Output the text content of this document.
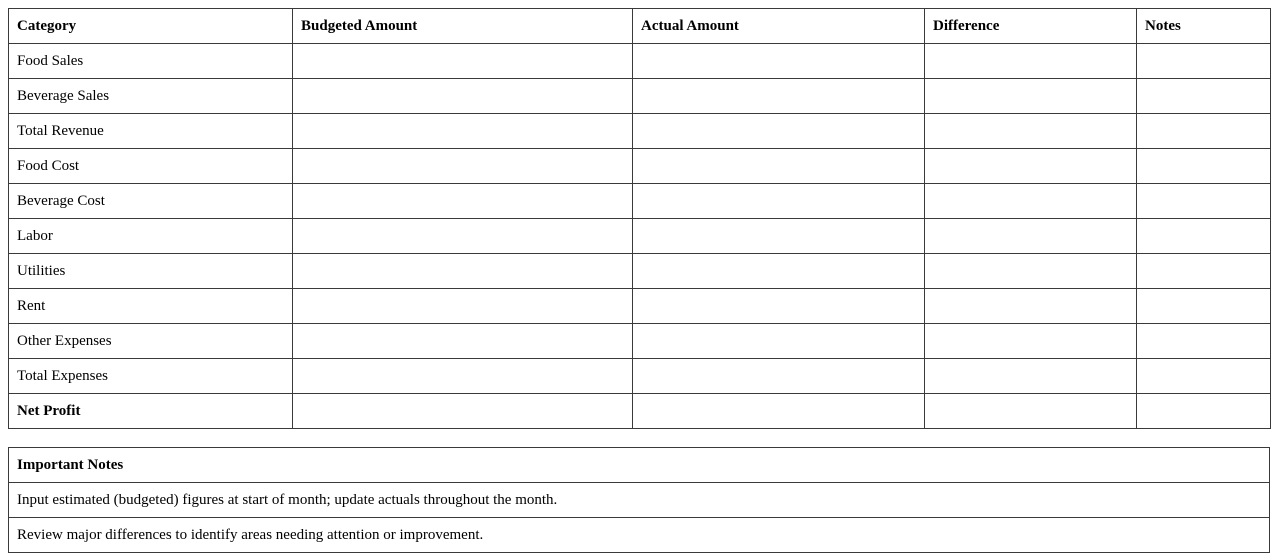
Category	Budgeted Amount	Actual Amount	Difference	Notes
Food Sales				
Beverage Sales				
Total Revenue				
Food Cost				
Beverage Cost				
Labor				
Utilities				
Rent				
Other Expenses				
Total Expenses				
Net Profit				
Important Notes
Input estimated (budgeted) figures at start of month; update actuals throughout the month.
Review major differences to identify areas needing attention or improvement.
